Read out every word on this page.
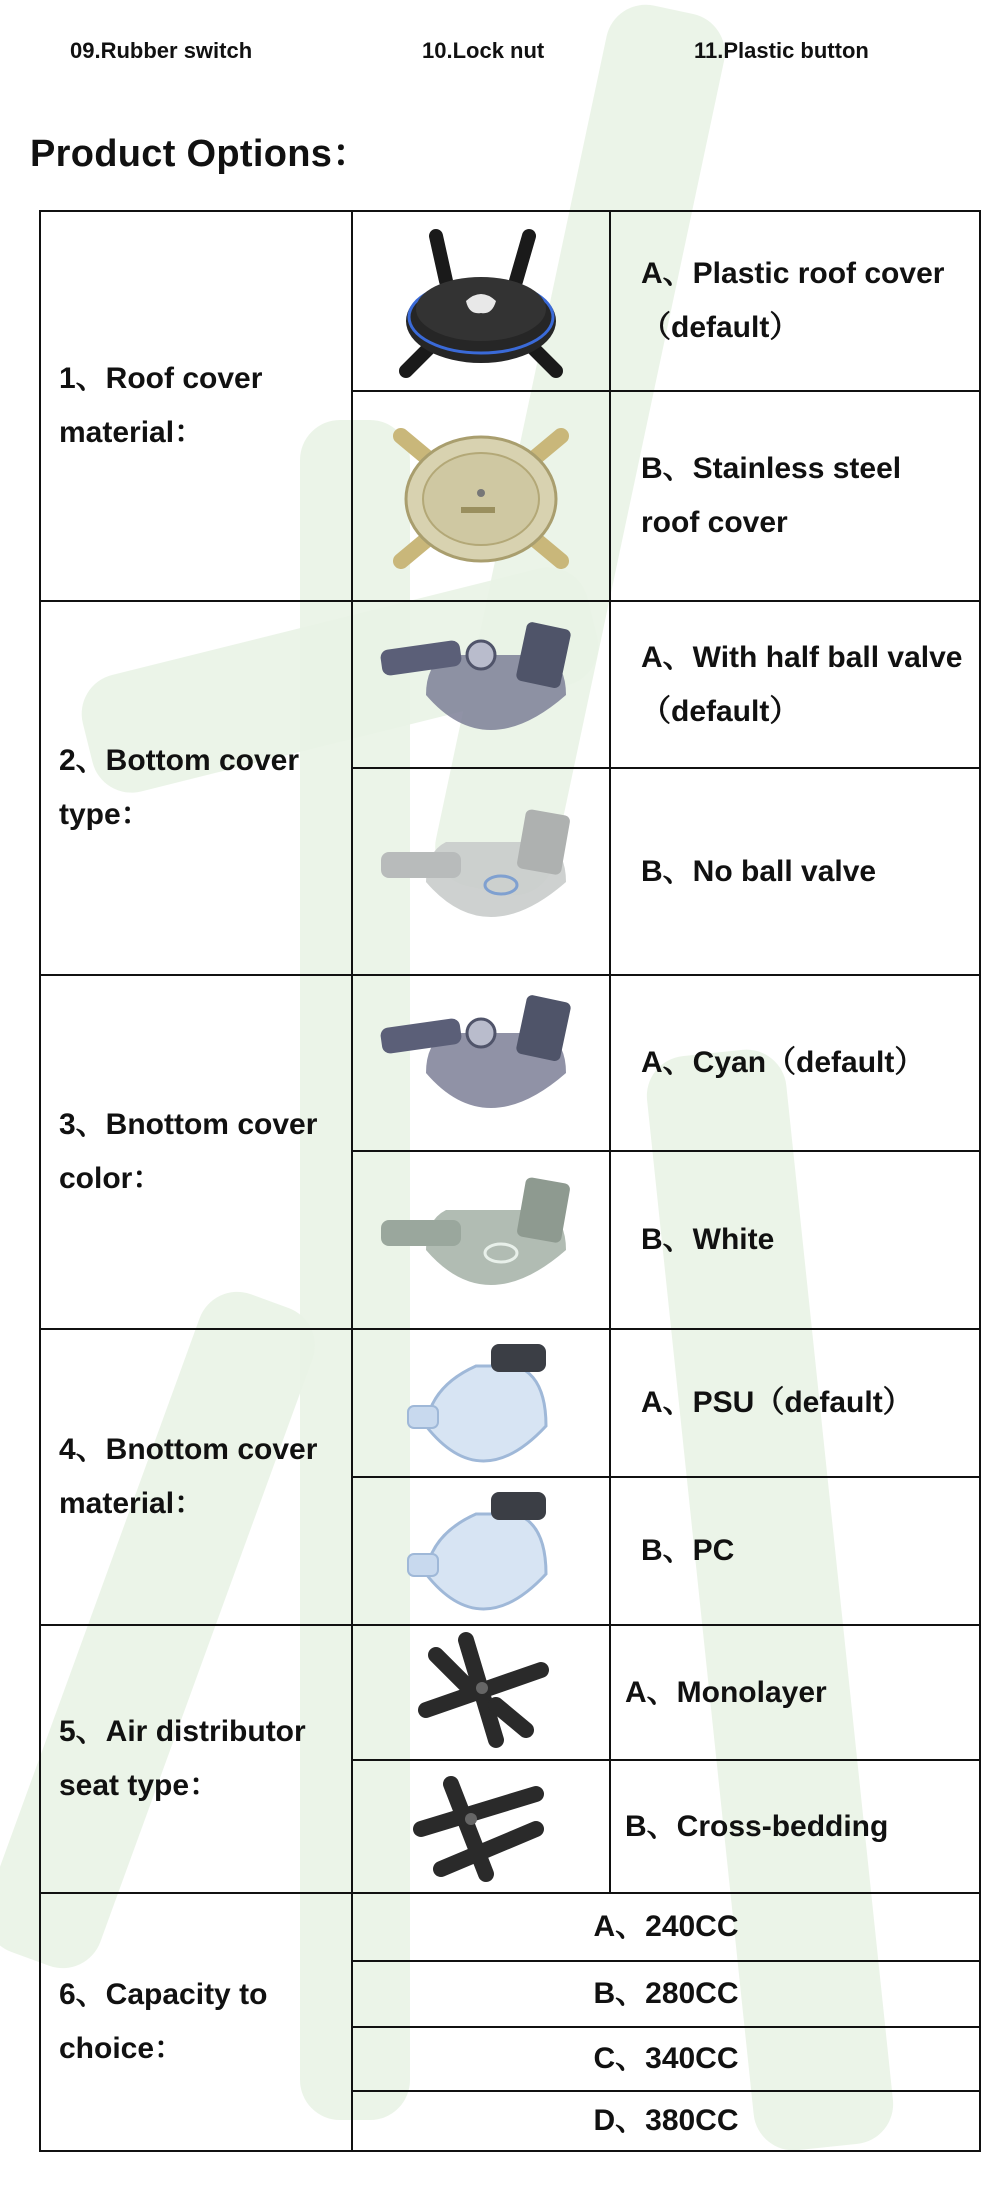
09.Rubber switch	10.Lock nut	11.Plastic button
Product Options：
1、Roof cover material：		A、Plastic roof cover（default）

	B、Stainless steel roof cover
2、Bottom cover type：		A、With half ball valve（default）

	B、No ball valve
3、Bnottom cover color：		A、Cyan（default）

	B、White
4、Bnottom cover material：		A、PSU（default）

	B、PC
5、Air distributor seat type：		A、Monolayer

	B、Cross-bedding
6、Capacity to choice：	A、240CC	
	B、280CC	
	C、340CC	
	D、380CC	
